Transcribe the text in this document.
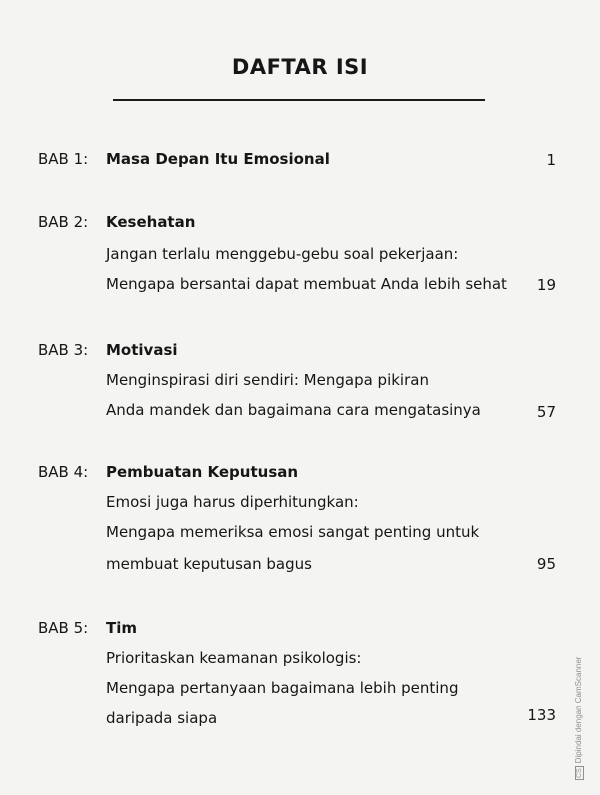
DAFTAR ISI
BAB 1: Masa Depan Itu Emosional	1
BAB 2: Kesehatan
Jangan terlalu menggebu-gebu soal pekerjaan:
Mengapa bersantai dapat membuat Anda lebih sehat 19
BAB 3: Motivasi
Menginspirasi diri sendiri: Mengapa pikiran
Anda mandek dan bagaimana cara mengatasinya	57
BAB 4: Pembuatan Keputusan
Emosi juga harus diperhitungkan:
Mengapa memeriksa emosi sangat penting untuk
membuat keputusan bagus	95
BAB 5: Tim
Prioritaskan keamanan psikologis:
Mengapa pertanyaan bagaimana lebih penting
daripada siapa	133
CSDipindai dengan CamScanner
